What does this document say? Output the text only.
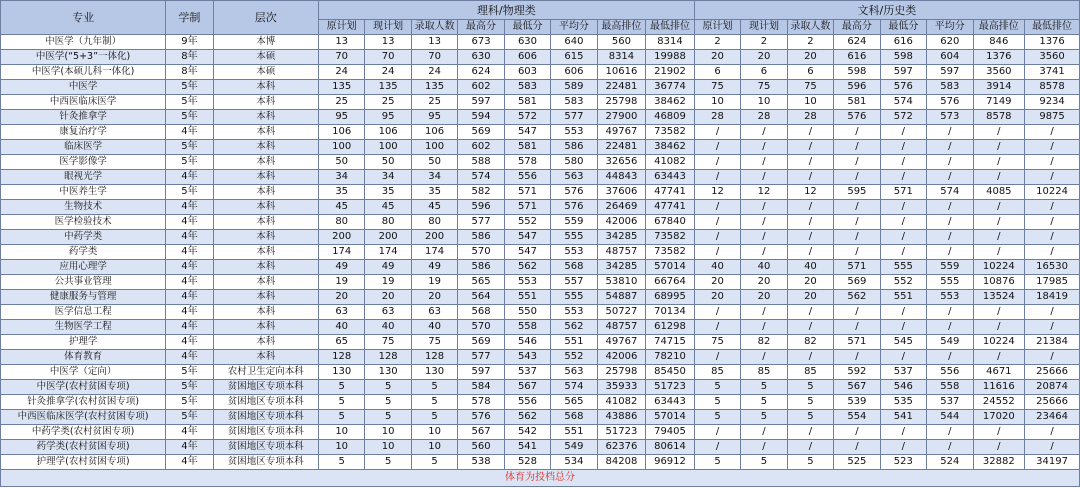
专业	学制	层次	理科/物理类								文科/历史类							
			原计划	现计划	录取人数	最高分	最低分	平均分	最高排位	最低排位	原计划	现计划	录取人数	最高分	最低分	平均分	最高排位	最低排位
中医学（九年制）	9年	本博	13	13	13	673	630	640	560	8314	2	2	2	624	616	620	846	1376
中医学(“5+3”一体化)	8年	本硕	70	70	70	630	606	615	8314	19988	20	20	20	616	598	604	1376	3560
中医学(本硕儿科一体化)	8年	本硕	24	24	24	624	603	606	10616	21902	6	6	6	598	597	597	3560	3741
中医学	5年	本科	135	135	135	602	583	589	22481	36774	75	75	75	596	576	583	3914	8578
中西医临床医学	5年	本科	25	25	25	597	581	583	25798	38462	10	10	10	581	574	576	7149	9234
针灸推拿学	5年	本科	95	95	95	594	572	577	27900	46809	28	28	28	576	572	573	8578	9875
康复治疗学	4年	本科	106	106	106	569	547	553	49767	73582	/	/	/	/	/	/	/	/
临床医学	5年	本科	100	100	100	602	581	586	22481	38462	/	/	/	/	/	/	/	/
医学影像学	5年	本科	50	50	50	588	578	580	32656	41082	/	/	/	/	/	/	/	/
眼视光学	4年	本科	34	34	34	574	556	563	44843	63443	/	/	/	/	/	/	/	/
中医养生学	5年	本科	35	35	35	582	571	576	37606	47741	12	12	12	595	571	574	4085	10224
生物技术	4年	本科	45	45	45	596	571	576	26469	47741	/	/	/	/	/	/	/	/
医学检验技术	4年	本科	80	80	80	577	552	559	42006	67840	/	/	/	/	/	/	/	/
中药学类	4年	本科	200	200	200	586	547	555	34285	73582	/	/	/	/	/	/	/	/
药学类	4年	本科	174	174	174	570	547	553	48757	73582	/	/	/	/	/	/	/	/
应用心理学	4年	本科	49	49	49	586	562	568	34285	57014	40	40	40	571	555	559	10224	16530
公共事业管理	4年	本科	19	19	19	565	553	557	53810	66764	20	20	20	569	552	555	10876	17985
健康服务与管理	4年	本科	20	20	20	564	551	555	54887	68995	20	20	20	562	551	553	13524	18419
医学信息工程	4年	本科	63	63	63	568	550	553	50727	70134	/	/	/	/	/	/	/	/
生物医学工程	4年	本科	40	40	40	570	558	562	48757	61298	/	/	/	/	/	/	/	/
护理学	4年	本科	65	75	75	569	546	551	49767	74715	75	82	82	571	545	549	10224	21384
体育教育	4年	本科	128	128	128	577	543	552	42006	78210	/	/	/	/	/	/	/	/
中医学（定向）	5年	农村卫生定向本科	130	130	130	597	537	563	25798	85450	85	85	85	592	537	556	4671	25666
中医学(农村贫困专项)	5年	贫困地区专项本科	5	5	5	584	567	574	35933	51723	5	5	5	567	546	558	11616	20874
针灸推拿学(农村贫困专项)	5年	贫困地区专项本科	5	5	5	578	556	565	41082	63443	5	5	5	539	535	537	24552	25666
中西医临床医学(农村贫困专项)	5年	贫困地区专项本科	5	5	5	576	562	568	43886	57014	5	5	5	554	541	544	17020	23464
中药学类(农村贫困专项)	4年	贫困地区专项本科	10	10	10	567	542	551	51723	79405	/	/	/	/	/	/	/	/
药学类(农村贫困专项)	4年	贫困地区专项本科	10	10	10	560	541	549	62376	80614	/	/	/	/	/	/	/	/
护理学(农村贫困专项)	4年	贫困地区专项本科	5	5	5	538	528	534	84208	96912	5	5	5	525	523	524	32882	34197
体育为投档总分																		
